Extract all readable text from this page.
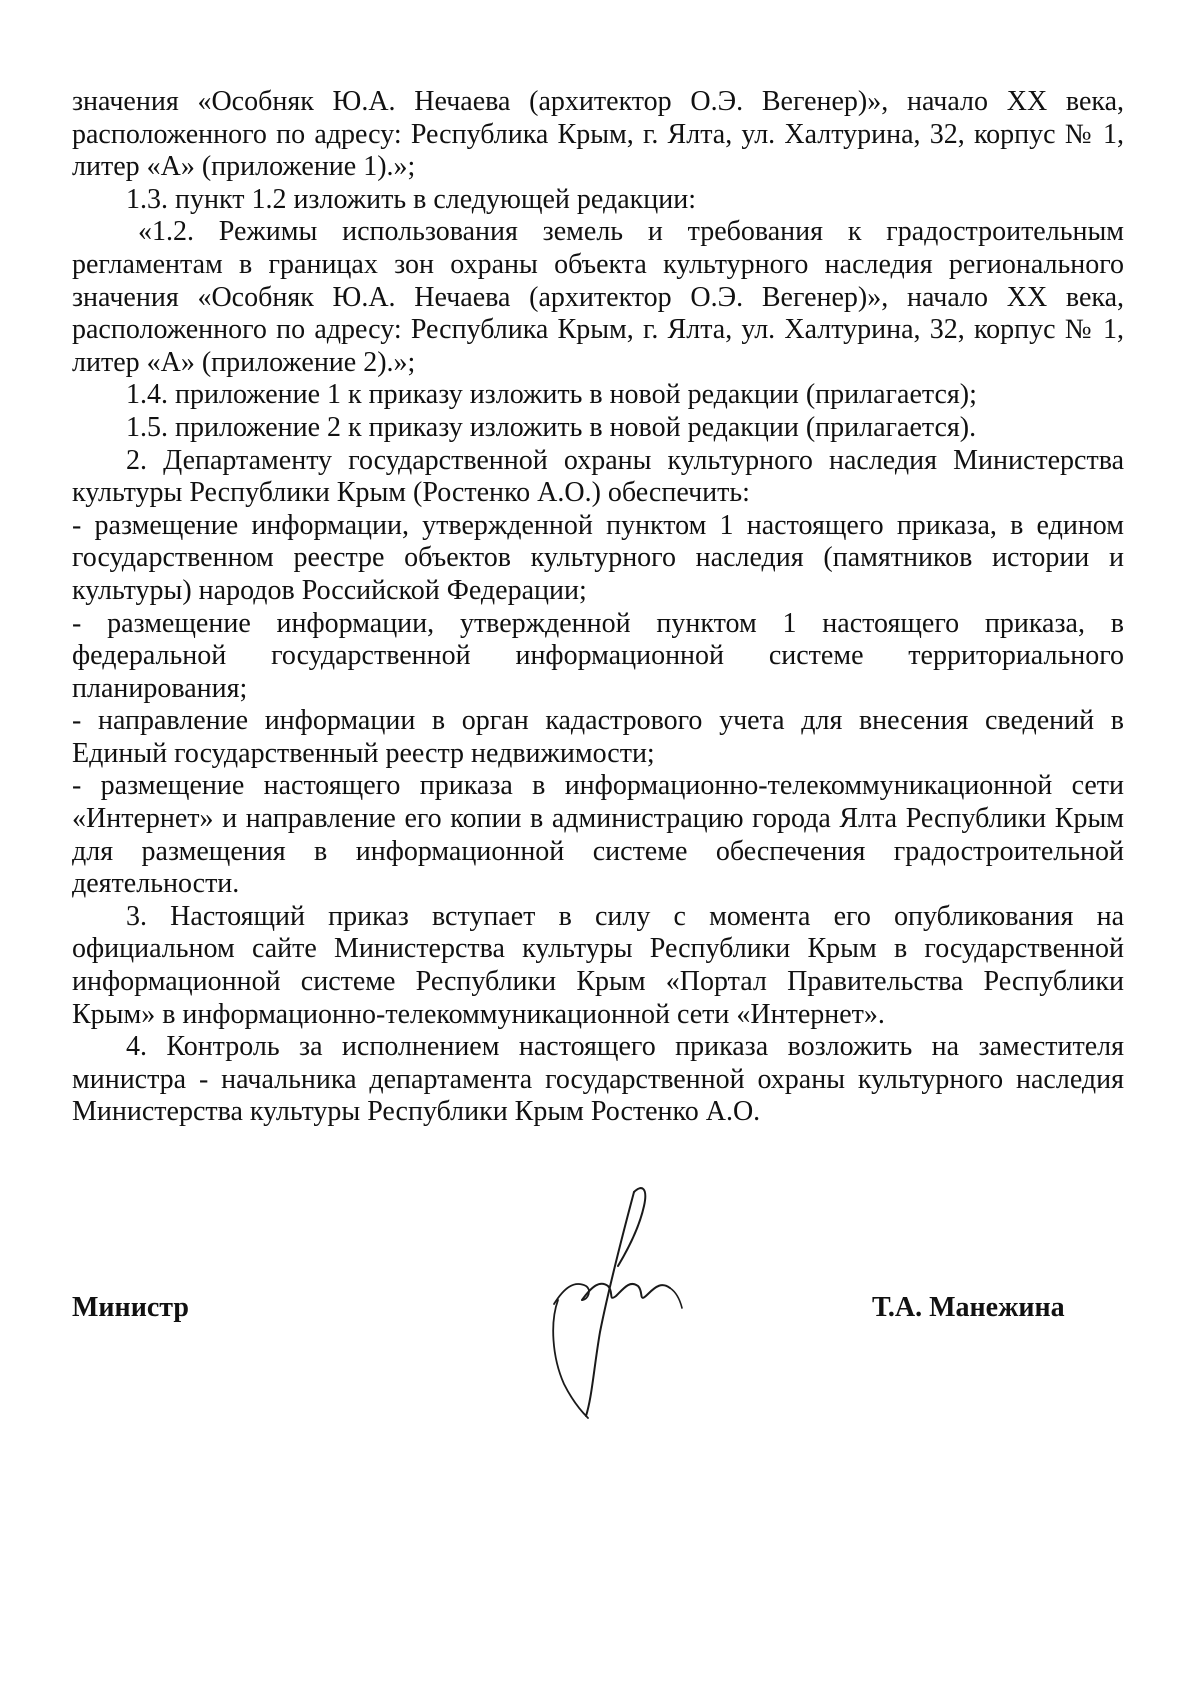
значения «Особняк Ю.А. Нечаева (архитектор О.Э. Вегенер)», начало XX века, расположенного по адресу: Республика Крым, г. Ялта, ул. Халтурина, 32, корпус № 1, литер «А» (приложение 1).»;

1.3. пункт 1.2 изложить в следующей редакции:

«1.2. Режимы использования земель и требования к градостроительным регламентам в границах зон охраны объекта культурного наследия регионального значения «Особняк Ю.А. Нечаева (архитектор О.Э. Вегенер)», начало XX века, расположенного по адресу: Республика Крым, г. Ялта, ул. Халтурина, 32, корпус № 1, литер «А» (приложение 2).»;

1.4. приложение 1 к приказу изложить в новой редакции (прилагается);

1.5. приложение 2 к приказу изложить в новой редакции (прилагается).

2. Департаменту государственной охраны культурного наследия Министерства культуры Республики Крым (Ростенко А.О.) обеспечить:

- размещение информации, утвержденной пунктом 1 настоящего приказа, в едином государственном реестре объектов культурного наследия (памятников истории и культуры) народов Российской Федерации;

- размещение информации, утвержденной пунктом 1 настоящего приказа, в федеральной государственной информационной системе территориального планирования;

- направление информации в орган кадастрового учета для внесения сведений в Единый государственный реестр недвижимости;

- размещение настоящего приказа в информационно-телекоммуникационной сети «Интернет» и направление его копии в администрацию города Ялта Республики Крым для размещения в информационной системе обеспечения градостроительной деятельности.

3. Настоящий приказ вступает в силу с момента его опубликования на официальном сайте Министерства культуры Республики Крым в государственной информационной системе Республики Крым «Портал Правительства Республики Крым» в информационно-телекоммуникационной сети «Интернет».

4. Контроль за исполнением настоящего приказа возложить на заместителя министра - начальника департамента государственной охраны культурного наследия Министерства культуры Республики Крым Ростенко А.О.

Министр	Т.А. Манежина
